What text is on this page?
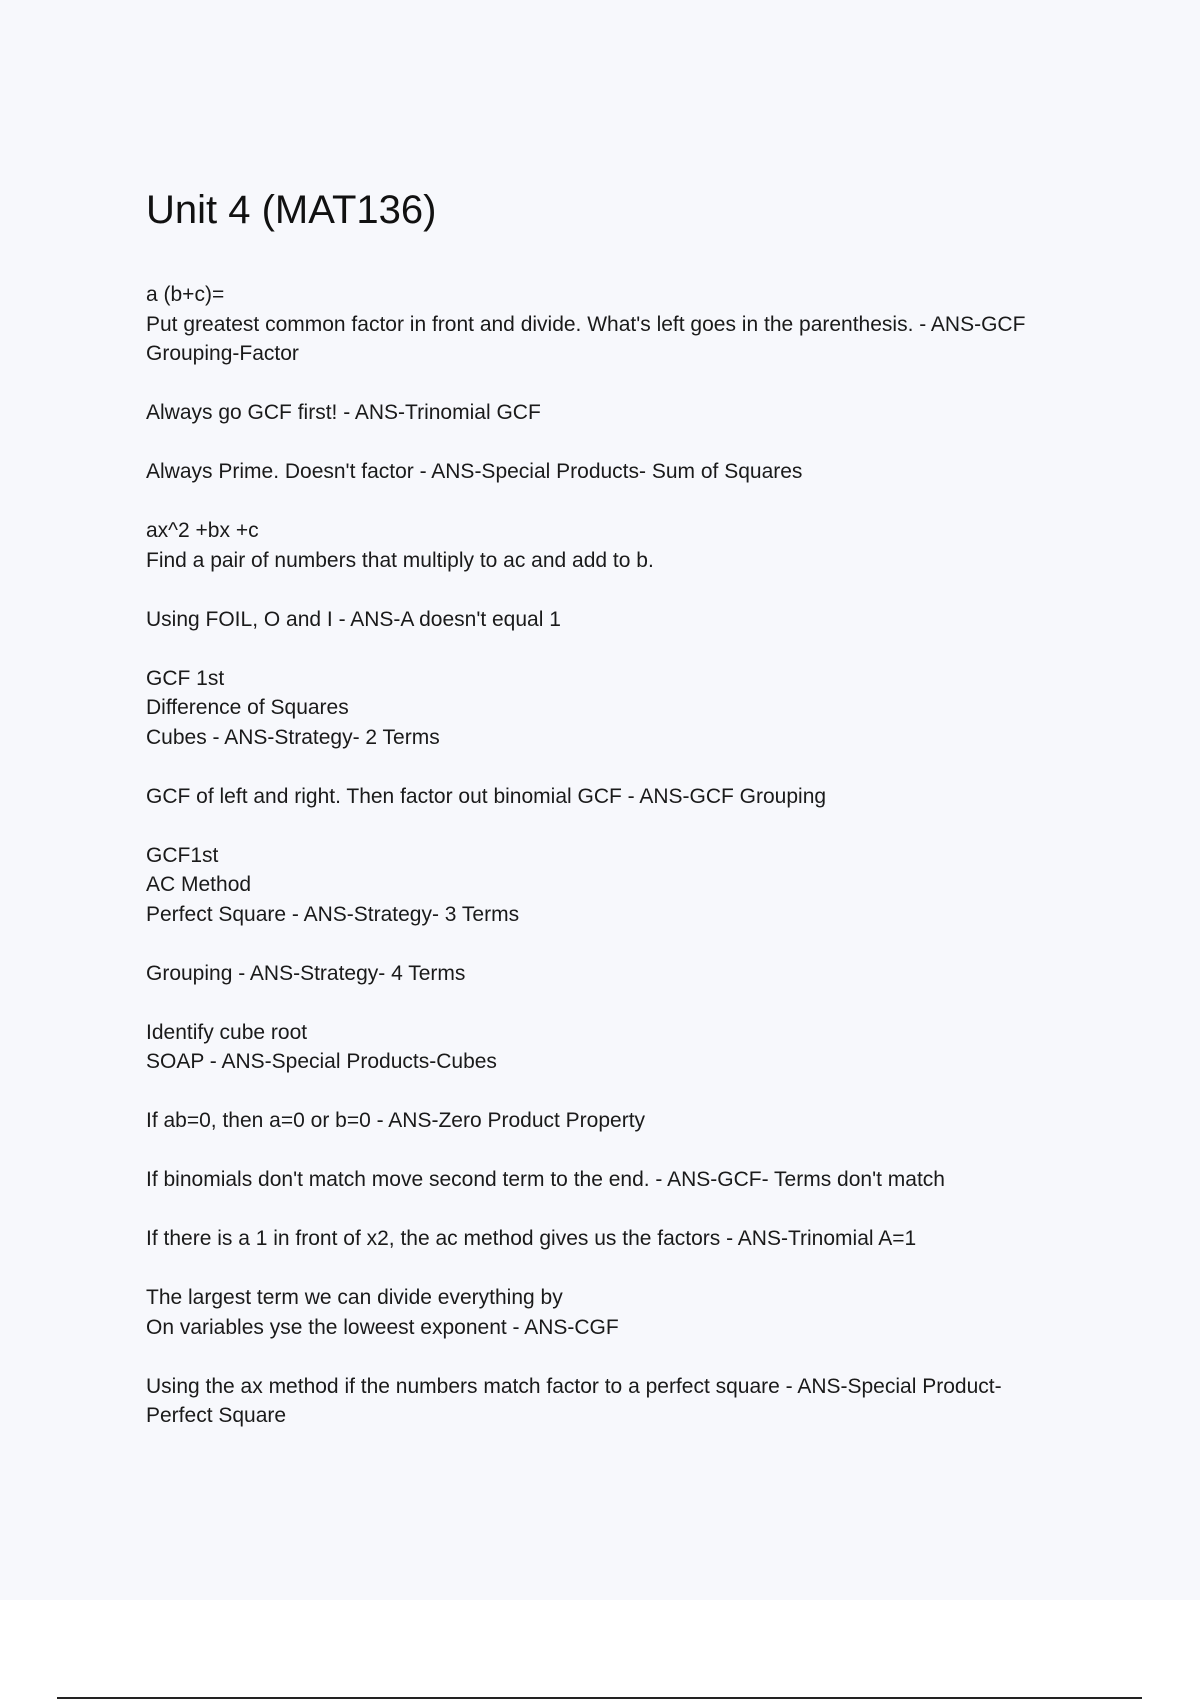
Unit 4 (MAT136)
a (b+c)=
Put greatest common factor in front and divide. What's left goes in the parenthesis. - ANS-GCF
Grouping-Factor
Always go GCF first! - ANS-Trinomial GCF
Always Prime. Doesn't factor - ANS-Special Products- Sum of Squares
ax^2 +bx +c
Find a pair of numbers that multiply to ac and add to b.
Using FOIL, O and I - ANS-A doesn't equal 1
GCF 1st
Difference of Squares
Cubes - ANS-Strategy- 2 Terms
GCF of left and right. Then factor out binomial GCF - ANS-GCF Grouping
GCF1st
AC Method
Perfect Square - ANS-Strategy- 3 Terms
Grouping - ANS-Strategy- 4 Terms
Identify cube root
SOAP - ANS-Special Products-Cubes
If ab=0, then a=0 or b=0 - ANS-Zero Product Property
If binomials don't match move second term to the end. - ANS-GCF- Terms don't match
If there is a 1 in front of x2, the ac method gives us the factors - ANS-Trinomial A=1
The largest term we can divide everything by
On variables yse the loweest exponent - ANS-CGF
Using the ax method if the numbers match factor to a perfect square - ANS-Special Product-
Perfect Square
